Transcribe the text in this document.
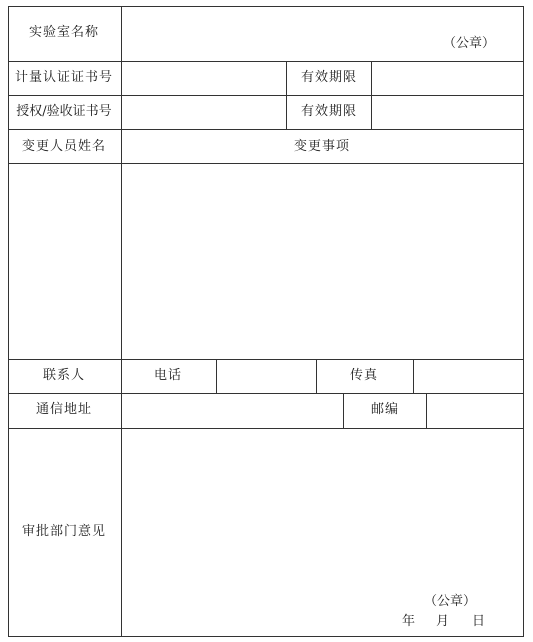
实验室名称
（公章）
计量认证证书号	有效期限
授权/验收证书号	有效期限
变更人员姓名	变更事项
联系人	电话	传真
通信地址	邮编
审批部门意见
（公章）
年 月 日
